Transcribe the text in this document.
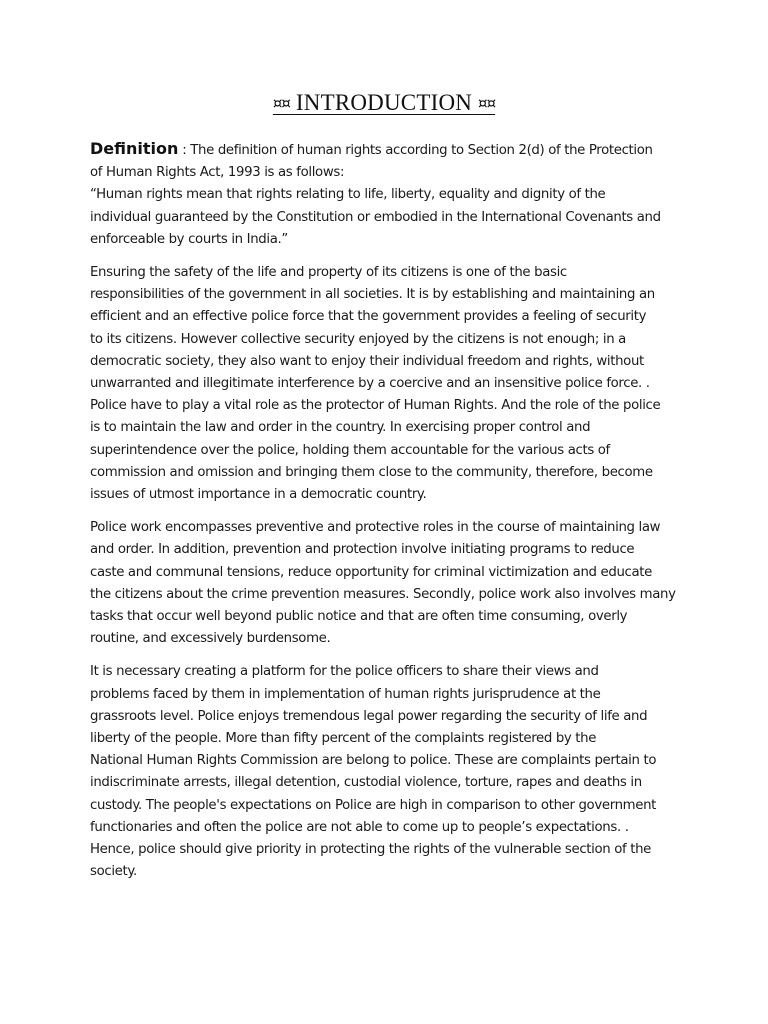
¤¤ INTRODUCTION ¤¤

Definition : The definition of human rights according to Section 2(d) of the Protection
of Human Rights Act, 1993 is as follows:
“Human rights mean that rights relating to life, liberty, equality and dignity of the
individual guaranteed by the Constitution or embodied in the International Covenants and
enforceable by courts in India.”

Ensuring the safety of the life and property of its citizens is one of the basic
responsibilities of the government in all societies. It is by establishing and maintaining an
efficient and an effective police force that the government provides a feeling of security
to its citizens. However collective security enjoyed by the citizens is not enough; in a
democratic society, they also want to enjoy their individual freedom and rights, without
unwarranted and illegitimate interference by a coercive and an insensitive police force. .
Police have to play a vital role as the protector of Human Rights. And the role of the police
is to maintain the law and order in the country. In exercising proper control and
superintendence over the police, holding them accountable for the various acts of
commission and omission and bringing them close to the community, therefore, become
issues of utmost importance in a democratic country.

Police work encompasses preventive and protective roles in the course of maintaining law
and order. In addition, prevention and protection involve initiating programs to reduce
caste and communal tensions, reduce opportunity for criminal victimization and educate
the citizens about the crime prevention measures. Secondly, police work also involves many
tasks that occur well beyond public notice and that are often time consuming, overly
routine, and excessively burdensome.

It is necessary creating a platform for the police officers to share their views and
problems faced by them in implementation of human rights jurisprudence at the
grassroots level. Police enjoys tremendous legal power regarding the security of life and
liberty of the people. More than fifty percent of the complaints registered by the
National Human Rights Commission are belong to police. These are complaints pertain to
indiscriminate arrests, illegal detention, custodial violence, torture, rapes and deaths in
custody. The people's expectations on Police are high in comparison to other government
functionaries and often the police are not able to come up to people’s expectations. .
Hence, police should give priority in protecting the rights of the vulnerable section of the
society.
